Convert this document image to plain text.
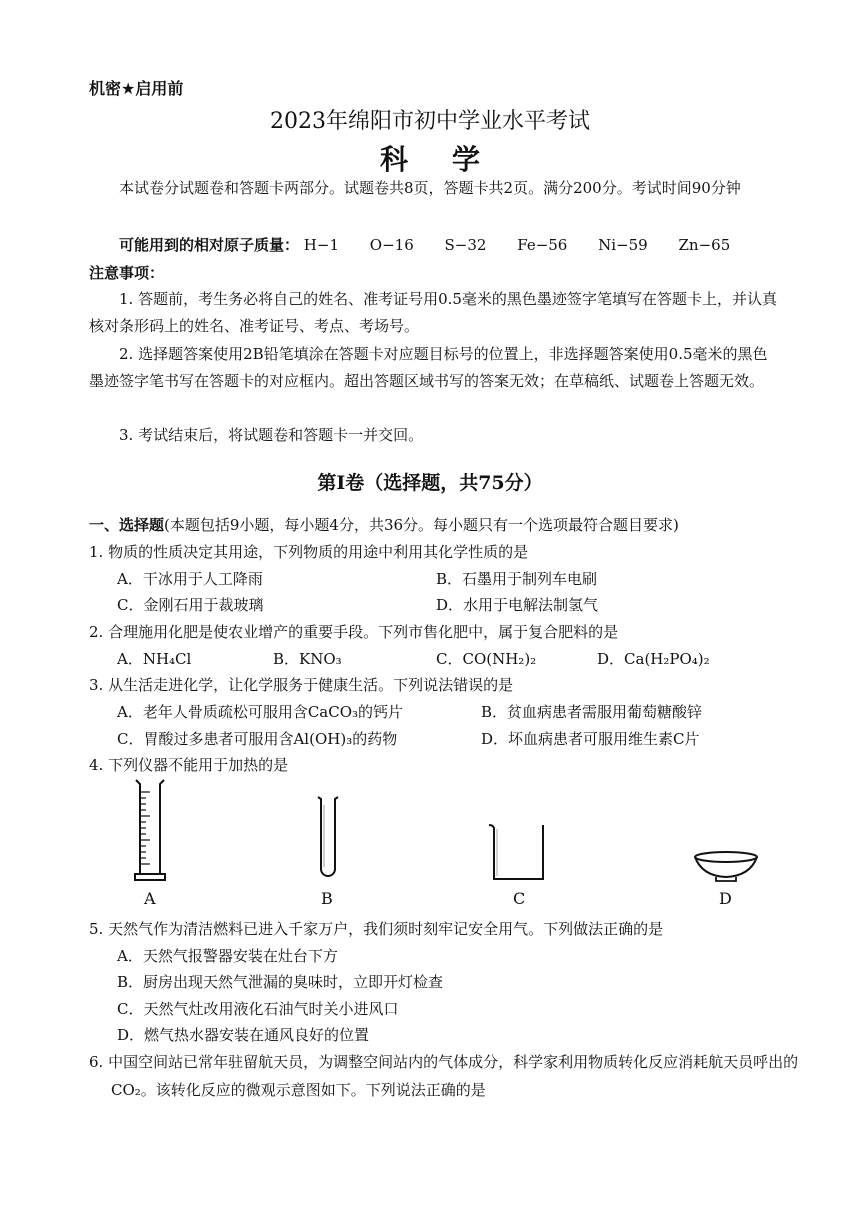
机密★启用前
2023年绵阳市初中学业水平考试
科学
本试卷分试题卷和答题卡两部分。试题卷共8页，答题卡共2页。满分200分。考试时间90分钟
可能用到的相对原子质量： H−1 O−16 S−32 Fe−56 Ni−59 Zn−65
注意事项：
1. 答题前，考生务必将自己的姓名、准考证号用0.5毫米的黑色墨迹签字笔填写在答题卡上，并认真核对条形码上的姓名、准考证号、考点、考场号。
2. 选择题答案使用2B铅笔填涂在答题卡对应题目标号的位置上，非选择题答案使用0.5毫米的黑色墨迹签字笔书写在答题卡的对应框内。超出答题区域书写的答案无效；在草稿纸、试题卷上答题无效。
3. 考试结束后，将试题卷和答题卡一并交回。
第I卷（选择题，共75分）
一、选择题(本题包括9小题，每小题4分，共36分。每小题只有一个选项最符合题目要求)
1. 物质的性质决定其用途，下列物质的用途中利用其化学性质的是
A．干冰用于人工降雨	B．石墨用于制列车电刷
C．金刚石用于裁玻璃	D．水用于电解法制氢气
2. 合理施用化肥是使农业增产的重要手段。下列市售化肥中，属于复合肥料的是
A．NH₄Cl	B．KNO₃	C．CO(NH₂)₂	D．Ca(H₂PO₄)₂
3. 从生活走进化学，让化学服务于健康生活。下列说法错误的是
A．老年人骨质疏松可服用含CaCO₃的钙片	B．贫血病患者需服用葡萄糖酸锌
C．胃酸过多患者可服用含Al(OH)₃的药物	D．坏血病患者可服用维生素C片
4. 下列仪器不能用于加热的是
A	B	C	D
5. 天然气作为清洁燃料已进入千家万户，我们须时刻牢记安全用气。下列做法正确的是
A．天然气报警器安装在灶台下方
B．厨房出现天然气泄漏的臭味时，立即开灯检查
C．天然气灶改用液化石油气时关小进风口
D．燃气热水器安装在通风良好的位置
6. 中国空间站已常年驻留航天员，为调整空间站内的气体成分，科学家利用物质转化反应消耗航天员呼出的CO₂。该转化反应的微观示意图如下。下列说法正确的是
